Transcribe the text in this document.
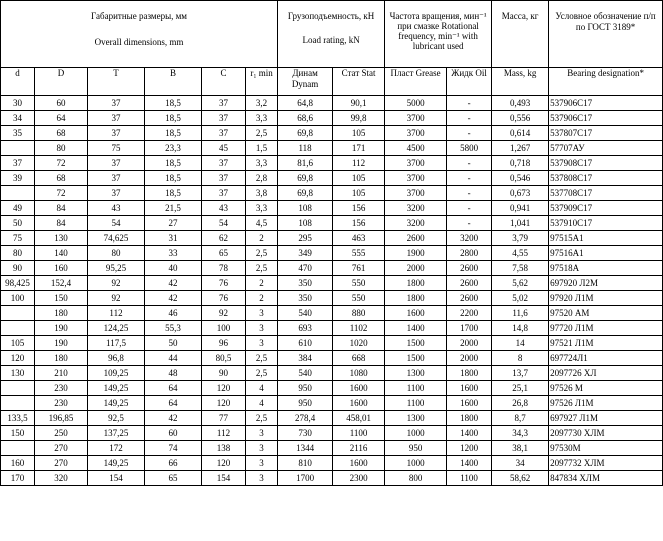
Габаритные размеры, мм
Overall dimensions, mm						Грузоподъемность, кН
Load rating, kN		Частота вращения, мин⁻¹ при смазке Rotational frequency, min⁻¹ with lubricant used		Масса, кг	Условное обозначение п/п по ГОСТ 3189*

d	D	T	B	C	r₁ min	Динам Dynam	Стат Stat	Пласт Grease	Жидк Oil	Mass, kg	Bearing designation*
30	60	37	18,5	37	3,2	64,8	90,1	5000	-	0,493	537906С17
34	64	37	18,5	37	3,3	68,6	99,8	3700	-	0,556	537906С17
35	68	37	18,5	37	2,5	69,8	105	3700	-	0,614	537807С17
	80	75	23,3	45	1,5	118	171	4500	5800	1,267	57707АУ
37	72	37	18,5	37	3,3	81,6	112	3700	-	0,718	537908С17
39	68	37	18,5	37	2,8	69,8	105	3700	-	0,546	537808С17
	72	37	18,5	37	3,8	69,8	105	3700	-	0,673	537708С17
49	84	43	21,5	43	3,3	108	156	3200	-	0,941	537909С17
50	84	54	27	54	4,5	108	156	3200	-	1,041	537910С17
75	130	74,625	31	62	2	295	463	2600	3200	3,79	97515А1
80	140	80	33	65	2,5	349	555	1900	2800	4,55	97516А1
90	160	95,25	40	78	2,5	470	761	2000	2600	7,58	97518А
98,425	152,4	92	42	76	2	350	550	1800	2600	5,62	697920 Л2М
100	150	92	42	76	2	350	550	1800	2600	5,02	97920 Л1М
	180	112	46	92	3	540	880	1600	2200	11,6	97520 АМ
	190	124,25	55,3	100	3	693	1102	1400	1700	14,8	97720 Л1М
105	190	117,5	50	96	3	610	1020	1500	2000	14	97521 Л1М
120	180	96,8	44	80,5	2,5	384	668	1500	2000	8	697724Л1
130	210	109,25	48	90	2,5	540	1080	1300	1800	13,7	2097726 ХЛ
	230	149,25	64	120	4	950	1600	1100	1600	25,1	97526 М
	230	149,25	64	120	4	950	1600	1100	1600	26,8	97526 Л1М
133,5	196,85	92,5	42	77	2,5	278,4	458,01	1300	1800	8,7	697927 Л1М
150	250	137,25	60	112	3	730	1100	1000	1400	34,3	2097730 ХЛМ
	270	172	74	138	3	1344	2116	950	1200	38,1	97530М
160	270	149,25	66	120	3	810	1600	1000	1400	34	2097732 ХЛМ
170	320	154	65	154	3	1700	2300	800	1100	58,62	847834 ХЛМ
